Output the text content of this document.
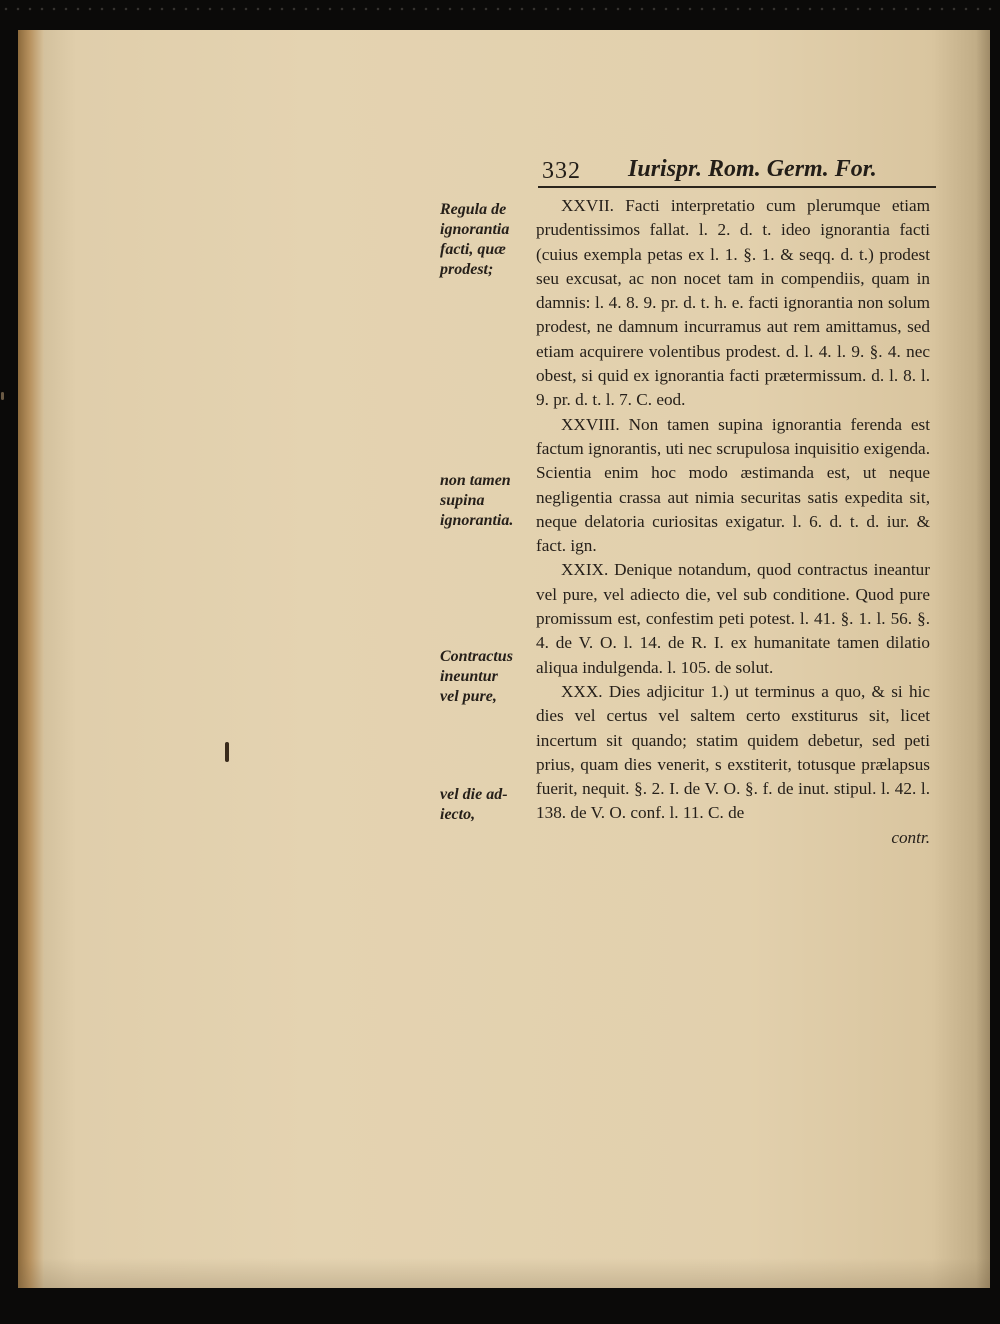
332 Iurispr. Rom. Germ. For.
Regula de
ignorantia
facti, quæ
prodest;
non tamen
supina
ignorantia.
Contractus
ineuntur
vel pure,
vel die ad-
iecto,

XXVII. Facti interpretatio cum plerumque etiam prudentissimos fallat. l. 2. d. t. ideo ignorantia facti (cuius exempla petas ex l. 1. §. 1. & seqq. d. t.) prodest seu excusat, ac non nocet tam in compendiis, quam in damnis: l. 4. 8. 9. pr. d. t. h. e. facti ignorantia non solum prodest, ne damnum incurramus aut rem amittamus, sed etiam acquirere volentibus prodest. d. l. 4. l. 9. §. 4. nec obest, si quid ex ignorantia facti prætermissum. d. l. 8. l. 9. pr. d. t. l. 7. C. eod.

XXVIII. Non tamen supina ignorantia ferenda est factum ignorantis, uti nec scrupulosa inquisitio exigenda. Scientia enim hoc modo æstimanda est, ut neque negligentia crassa aut nimia securitas satis expedita sit, neque delatoria curiositas exigatur. l. 6. d. t. d. iur. & fact. ign.

XXIX. Denique notandum, quod contractus ineantur vel pure, vel adiecto die, vel sub conditione. Quod pure promissum est, confestim peti potest. l. 41. §. 1. l. 56. §. 4. de V. O. l. 14. de R. I. ex humanitate tamen dilatio aliqua indulgenda. l. 105. de solut.

XXX. Dies adjicitur 1.) ut terminus a quo, & si hic dies vel certus vel saltem certo exstiturus sit, licet incertum sit quando; statim quidem debetur, sed peti prius, quam dies venerit, s exstiterit, totusque prælapsus fuerit, nequit. §. 2. I. de V. O. §. f. de inut. stipul. l. 42. l. 138. de V. O. conf. l. 11. C. de

contr.
